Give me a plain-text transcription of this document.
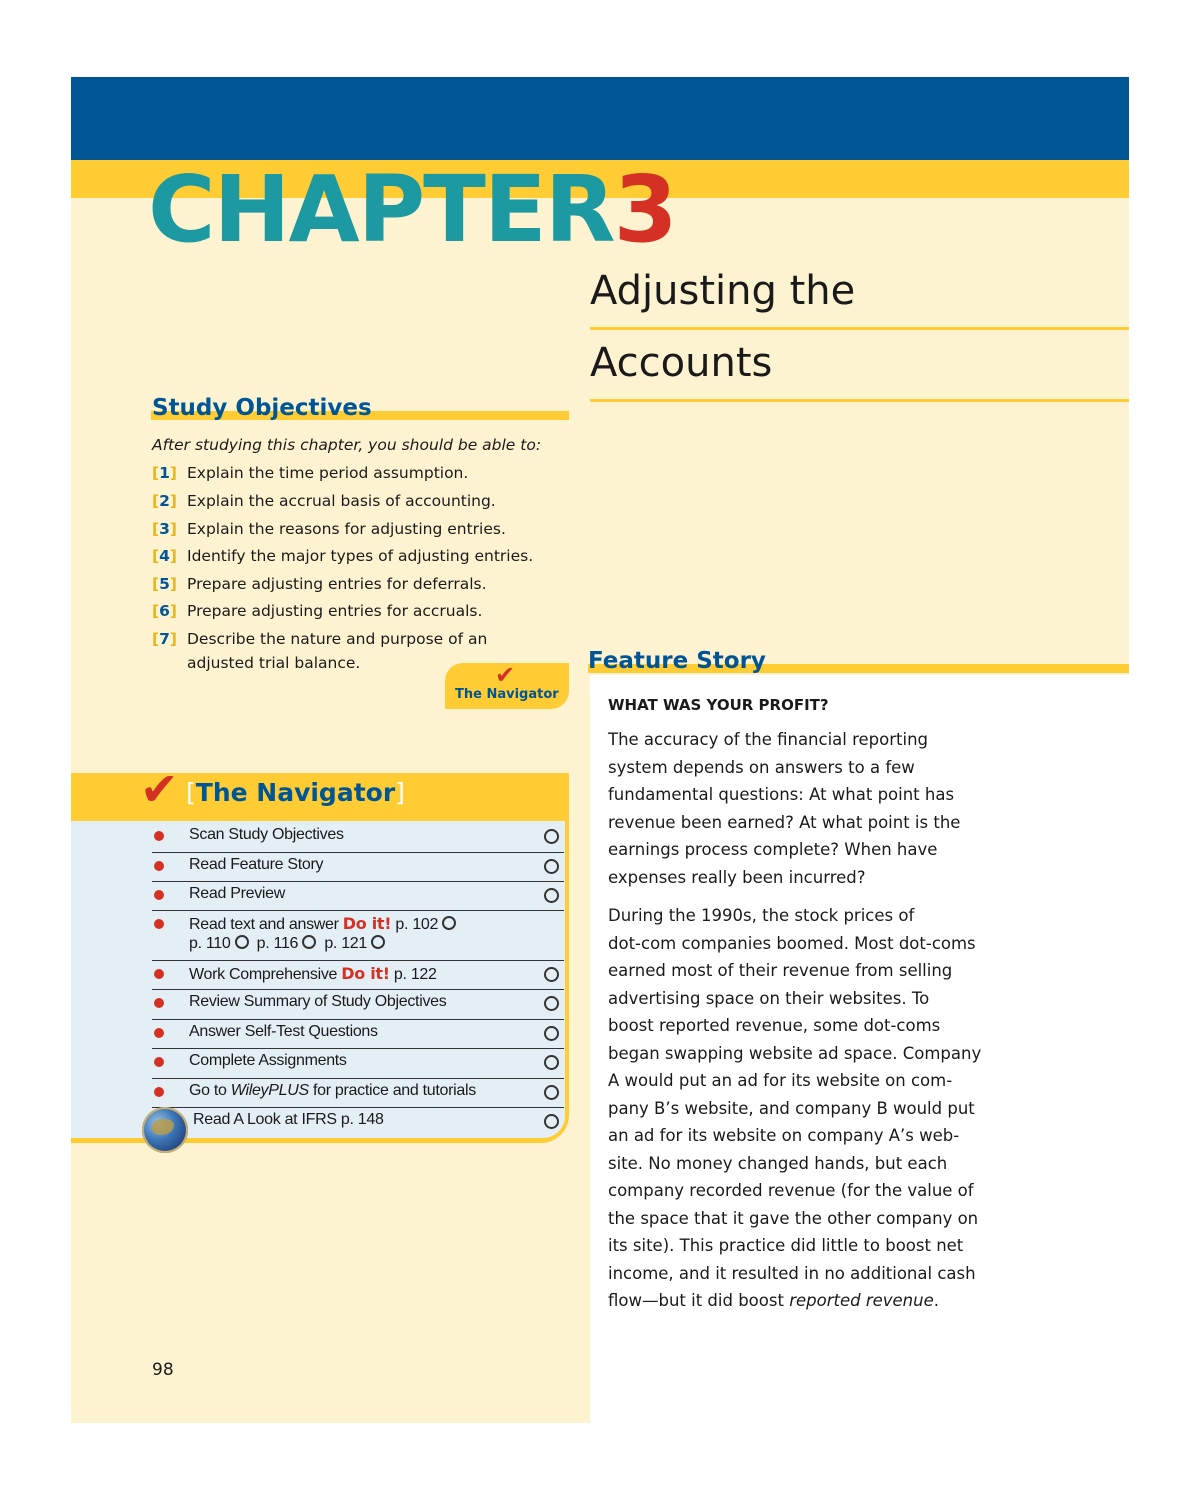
CHAPTER3
Adjusting the
Accounts
Study Objectives
After studying this chapter, you should be able to:
[1] Explain the time period assumption.
[2] Explain the accrual basis of accounting.
[3] Explain the reasons for adjusting entries.
[4] Identify the major types of adjusting entries.
[5] Prepare adjusting entries for deferrals.
[6] Prepare adjusting entries for accruals.
[7] Describe the nature and purpose of an adjusted trial balance.	✔
The Navigator
Feature Story
WHAT WAS YOUR PROFIT?
The accuracy of the financial reporting
system depends on answers to a few
fundamental questions: At what point has
revenue been earned? At what point is the
earnings process complete? When have
expenses really been incurred?
During the 1990s, the stock prices of
dot-com companies boomed. Most dot-coms
earned most of their revenue from selling
advertising space on their websites. To
boost reported revenue, some dot-coms
began swapping website ad space. Company
A would put an ad for its website on com-
pany B’s website, and company B would put
an ad for its website on company A’s web-
site. No money changed hands, but each
company recorded revenue (for the value of
the space that it gave the other company on
its site). This practice did little to boost net
income, and it resulted in no additional cash
flow—but it did boost reported revenue.
✔ [The Navigator]
Scan Study Objectives
Read Feature Story
Read Preview
Read text and answer Do it! p. 102
p. 110 p. 116 p. 121
Work Comprehensive Do it! p. 122
Review Summary of Study Objectives
Answer Self-Test Questions
Complete Assignments
Go to WileyPLUS for practice and tutorials
Read A Look at IFRS p. 148
98
